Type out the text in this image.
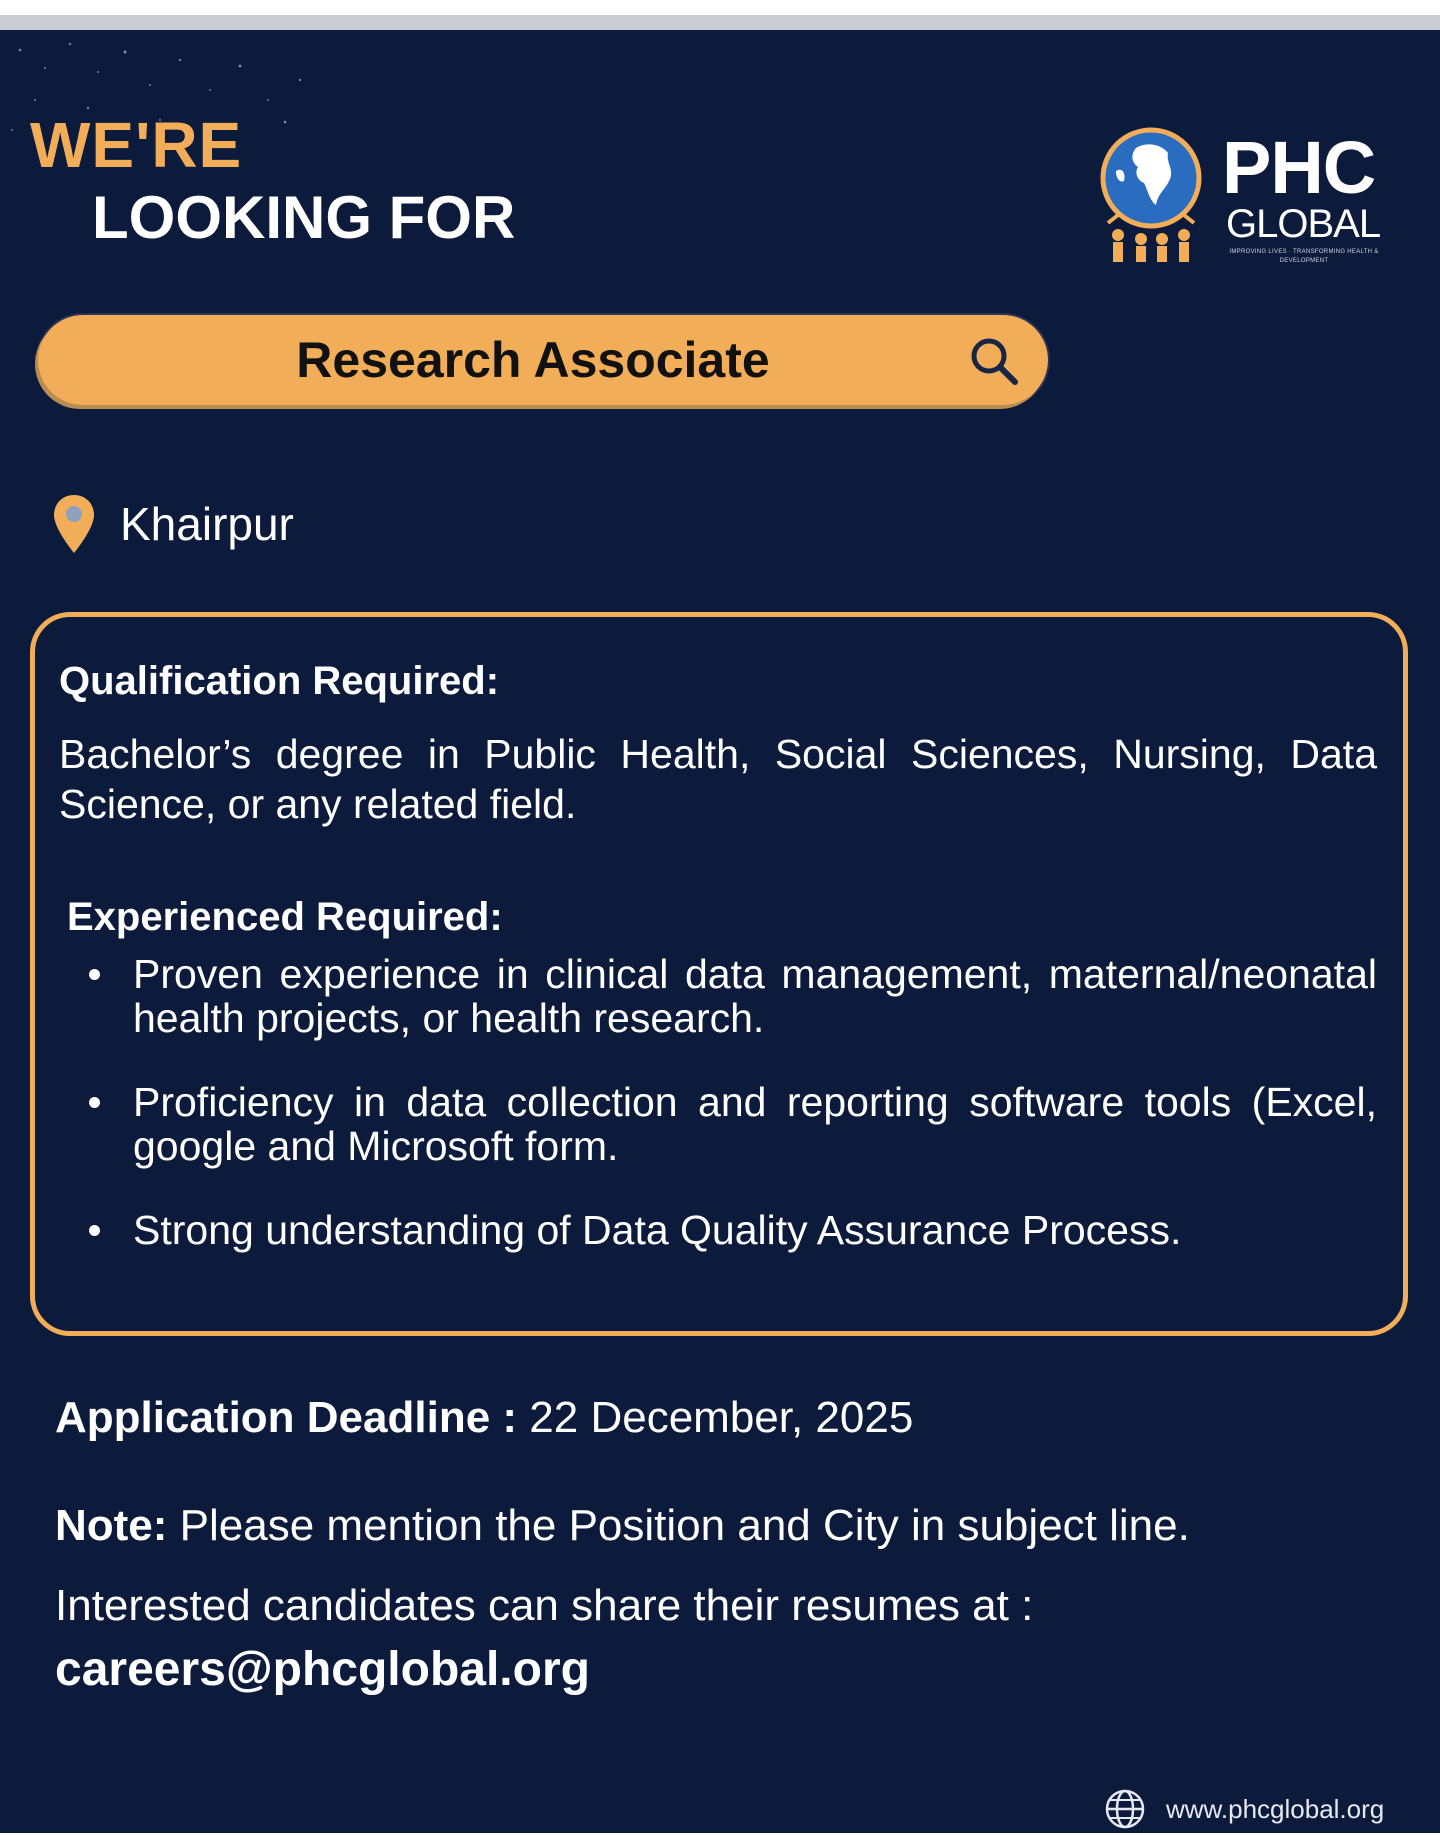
WE'RE
LOOKING FOR
PHC
GLOBAL
IMPROVING LIVES · TRANSFORMING HEALTH & DEVELOPMENT
Research Associate
Khairpur
Qualification Required:
Bachelor’s degree in Public Health, Social Sciences, Nursing, Data Science, or any related field.
Experienced Required:
Proven experience in clinical data management, maternal/neonatal health projects, or health research.
Proficiency in data collection and reporting software tools (Excel, google and Microsoft form.
Strong understanding of Data Quality Assurance Process.
Application Deadline : 22 December, 2025
Note: Please mention the Position and City in subject line.
Interested candidates can share their resumes at :
careers@phcglobal.org
www.phcglobal.org
